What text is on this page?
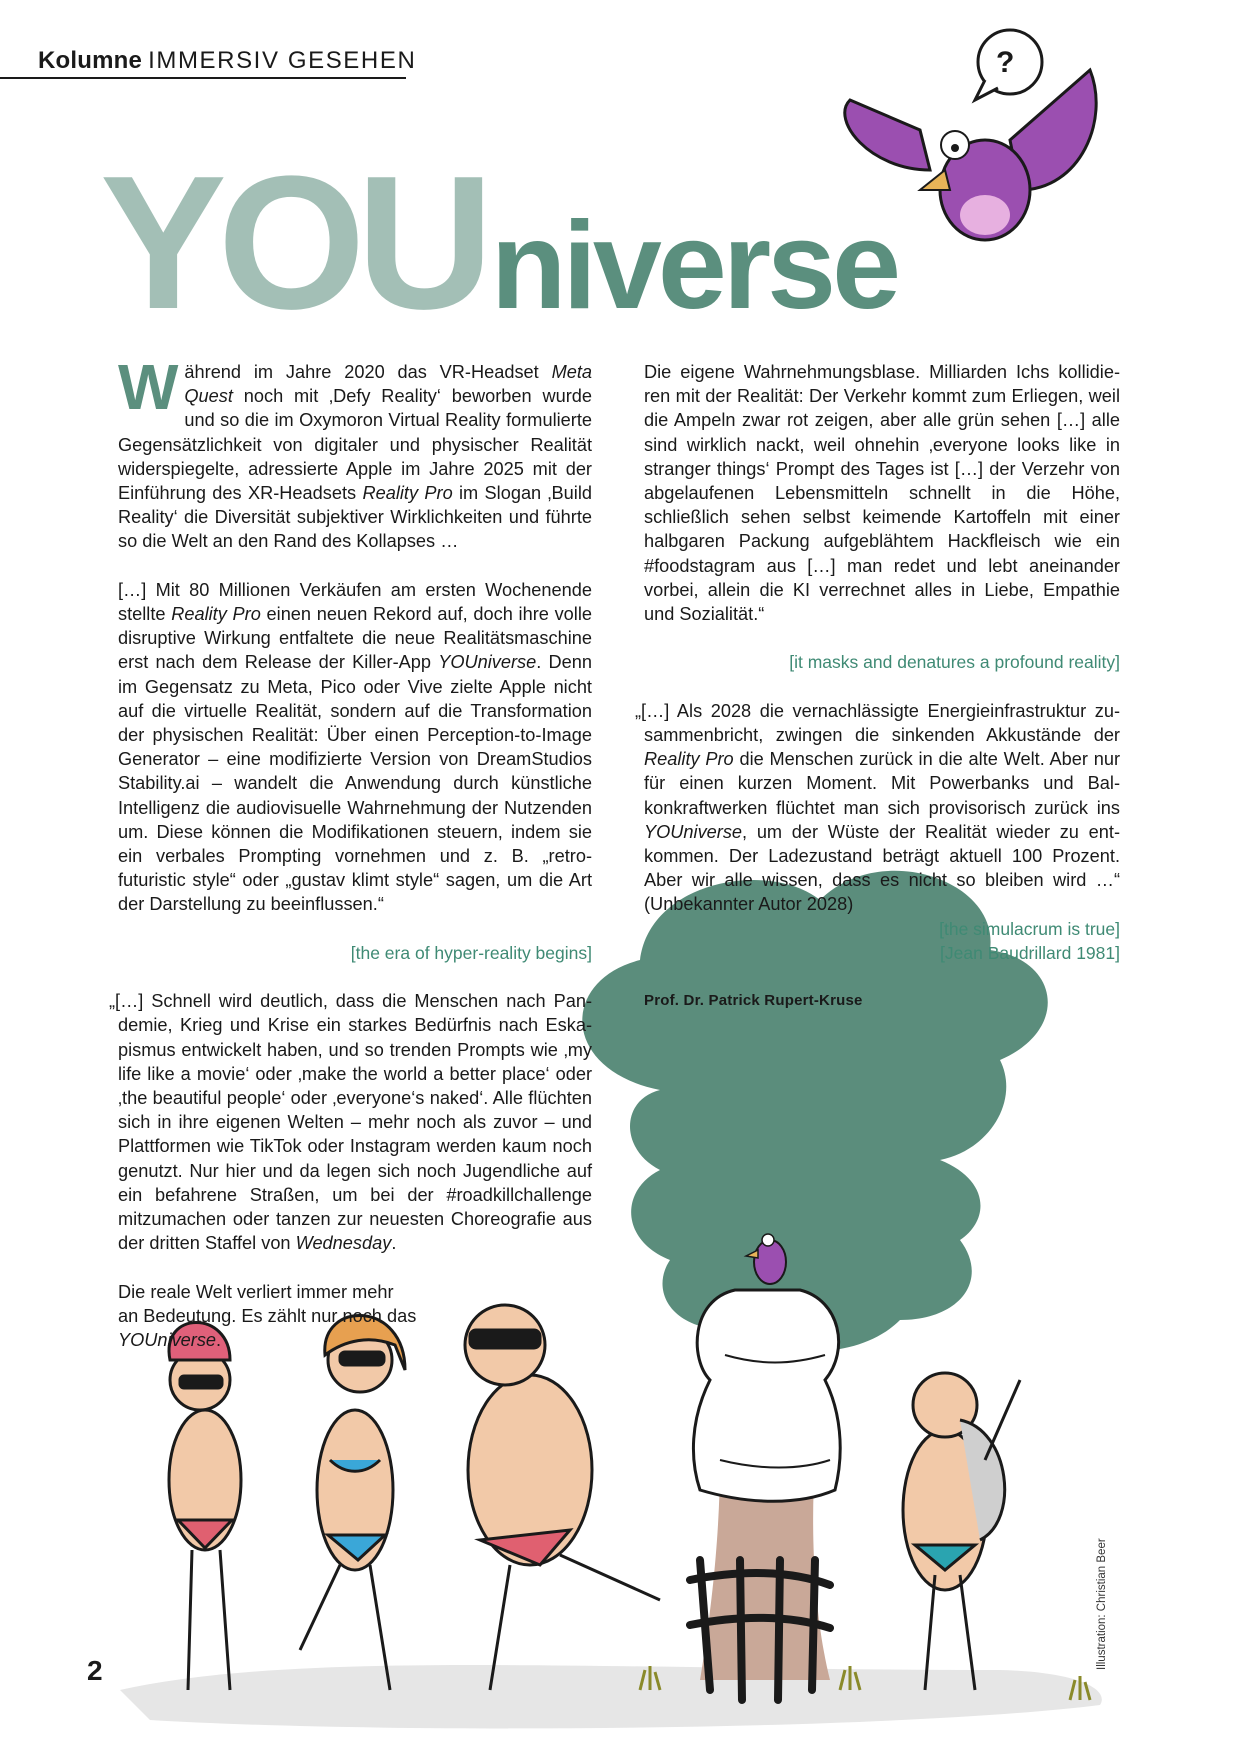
?
Kolumne IMMERSIV GESEHEN
YOUniverse

Während im Jahre 2020 das VR-Headset Meta Quest noch mit ‚Defy Reality‘ beworben wurde und so die im Oxymoron Virtual Reality formulierte Gegensätzlichkeit von digitaler und physischer Realität widerspiegelte, adressierte Apple im Jahre 2025 mit der Einführung des XR-Headsets Reality Pro im Slogan ‚Build Reality‘ die Diversität subjektiver Wirklichkeiten und führte so die Welt an den Rand des Kollapses …

[…] Mit 80 Millionen Verkäufen am ersten Wochenende stellte Reality Pro einen neuen Rekord auf, doch ihre volle disruptive Wirkung entfaltete die neue Realitätsmaschine erst nach dem Release der Killer-App YOUniverse. Denn im Gegensatz zu Meta, Pico oder Vive zielte Apple nicht auf die virtuelle Realität, sondern auf die Transformation der physischen Realität: Über einen Perception-to-Image Generator – eine modifizierte Version von DreamStudios Stability.ai – wandelt die Anwendung durch künstliche Intelligenz die audiovisuelle Wahrnehmung der Nutzenden um. Diese können die Modifikationen steuern, indem sie ein verbales Prompting vornehmen und z. B. „retrofuturistic style“ oder „gustav klimt style“ sagen, um die Art der Darstellung zu beeinflussen.“

[the era of hyper-reality begins]

„[…] Schnell wird deutlich, dass die Menschen nach Pandemie, Krieg und Krise ein starkes Bedürfnis nach Eskapismus entwickelt haben, und so trenden Prompts wie ‚my life like a movie‘ oder ‚make the world a better place‘ oder ‚the beautiful people‘ oder ‚everyone‘s naked‘. Alle flüchten sich in ihre eigenen Welten – mehr noch als zuvor – und Plattformen wie TikTok oder Instagram werden kaum noch genutzt. Nur hier und da legen sich noch Jugendliche auf ein befahrene Straßen, um bei der #roadkillchallenge mitzumachen oder tanzen zur neuesten Choreografie aus der dritten Staffel von Wednesday.

Die reale Welt verliert immer mehr an Bedeutung. Es zählt nur noch das YOUniverse.

Die eigene Wahrnehmungsblase. Milliarden Ichs kollidieren mit der Realität: Der Verkehr kommt zum Erliegen, weil die Ampeln zwar rot zeigen, aber alle grün sehen […] alle sind wirklich nackt, weil ohnehin ‚everyone looks like in stranger things‘ Prompt des Tages ist […] der Verzehr von abgelaufenen Lebensmitteln schnellt in die Höhe, schließlich sehen selbst keimende Kartoffeln mit einer halbgaren Packung aufgeblähtem Hackfleisch wie ein #foodstagram aus […] man redet und lebt aneinander vorbei, allein die KI verrechnet alles in Liebe, Empathie und Sozialität.“

[it masks and denatures a profound reality]

„[…] Als 2028 die vernachlässigte Energieinfrastruktur zusammenbricht, zwingen die sinkenden Akkustände der Reality Pro die Menschen zurück in die alte Welt. Aber nur für einen kurzen Moment. Mit Powerbanks und Balkonkraftwerken flüchtet man sich provisorisch zurück ins YOUniverse, um der Wüste der Realität wieder zu entkommen. Der Ladezustand beträgt aktuell 100 Prozent. Aber wir alle wissen, dass es nicht so bleiben wird …“ (Unbekannter Autor 2028)

[the simulacrum is true]
[Jean Baudrillard 1981]
Prof. Dr. Patrick Rupert-Kruse
2
Illustration: Christian Beer
